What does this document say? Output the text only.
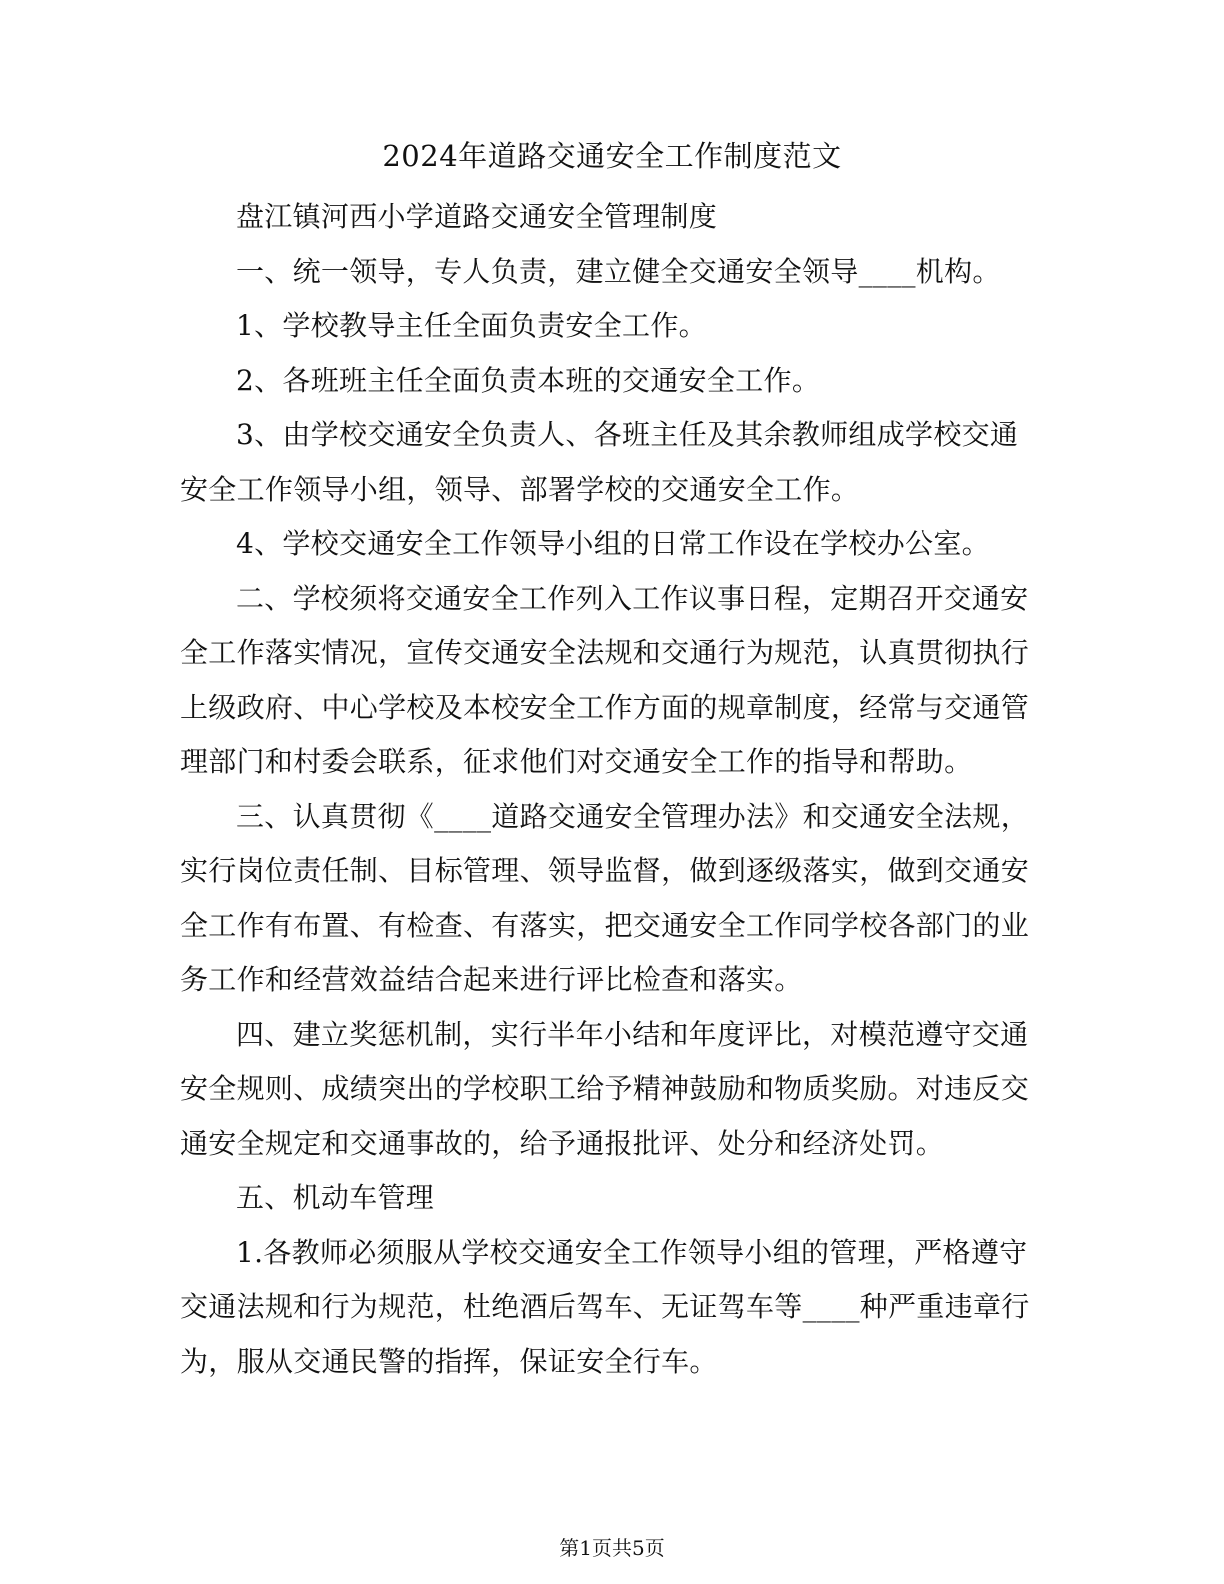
2024年道路交通安全工作制度范文

盘江镇河西小学道路交通安全管理制度

一、统一领导，专人负责，建立健全交通安全领导____机构。

1、学校教导主任全面负责安全工作。

2、各班班主任全面负责本班的交通安全工作。

3、由学校交通安全负责人、各班主任及其余教师组成学校交通安全工作领导小组，领导、部署学校的交通安全工作。

4、学校交通安全工作领导小组的日常工作设在学校办公室。

二、学校须将交通安全工作列入工作议事日程，定期召开交通安全工作落实情况，宣传交通安全法规和交通行为规范，认真贯彻执行上级政府、中心学校及本校安全工作方面的规章制度，经常与交通管理部门和村委会联系，征求他们对交通安全工作的指导和帮助。

三、认真贯彻《____道路交通安全管理办法》和交通安全法规，实行岗位责任制、目标管理、领导监督，做到逐级落实，做到交通安全工作有布置、有检查、有落实，把交通安全工作同学校各部门的业务工作和经营效益结合起来进行评比检查和落实。

四、建立奖惩机制，实行半年小结和年度评比，对模范遵守交通安全规则、成绩突出的学校职工给予精神鼓励和物质奖励。对违反交通安全规定和交通事故的，给予通报批评、处分和经济处罚。

五、机动车管理

1.各教师必须服从学校交通安全工作领导小组的管理，严格遵守交通法规和行为规范，杜绝酒后驾车、无证驾车等____种严重违章行为，服从交通民警的指挥，保证安全行车。

第1页共5页
